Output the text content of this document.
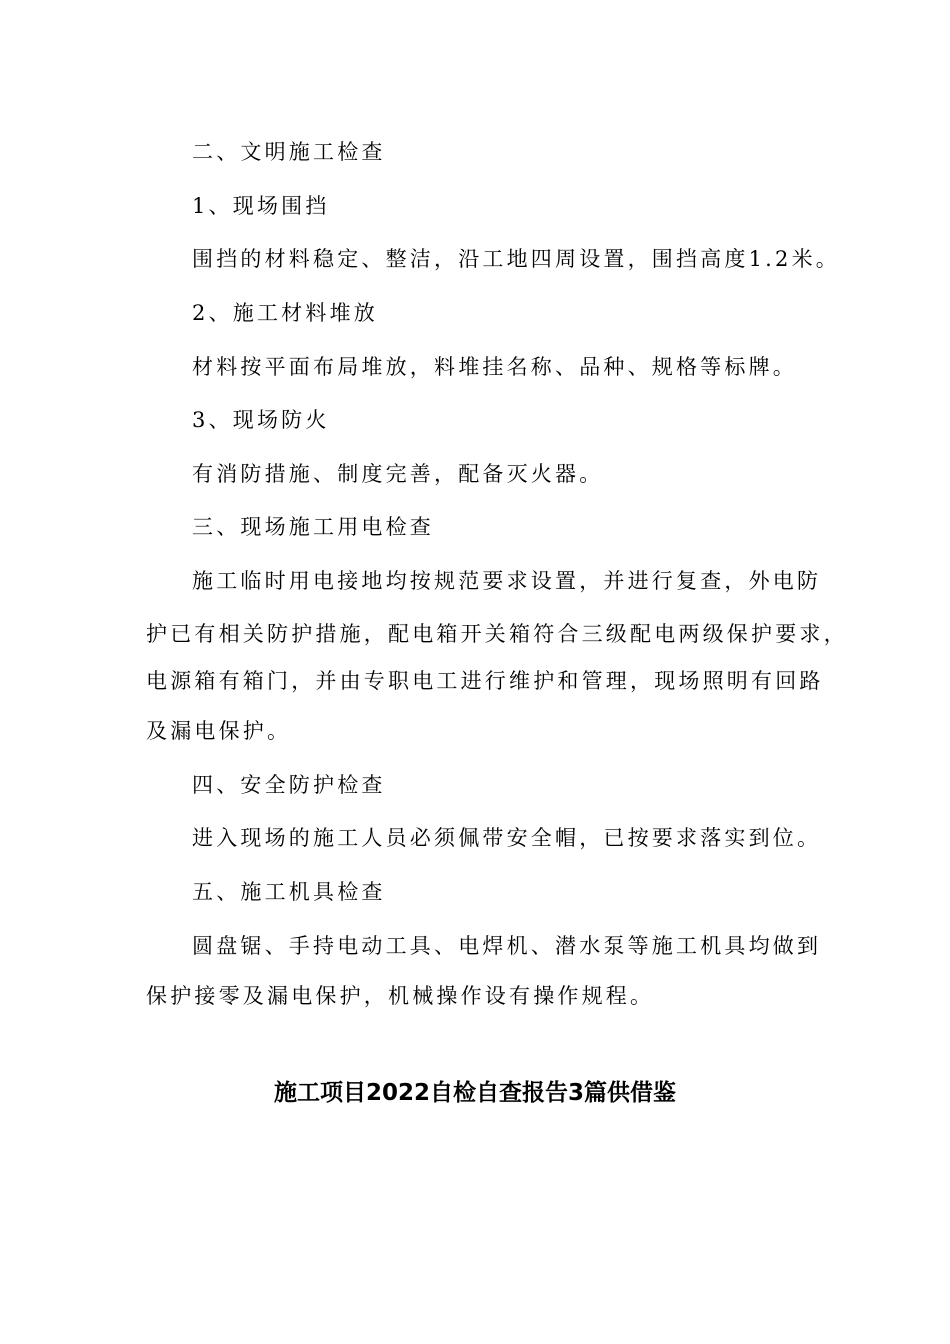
二、文明施工检查
1、现场围挡
围挡的材料稳定、整洁，沿工地四周设置，围挡高度1.2米。
2、施工材料堆放
材料按平面布局堆放，料堆挂名称、品种、规格等标牌。
3、现场防火
有消防措施、制度完善，配备灭火器。
三、现场施工用电检查
施工临时用电接地均按规范要求设置，并进行复查，外电防
护已有相关防护措施，配电箱开关箱符合三级配电两级保护要求，
电源箱有箱门，并由专职电工进行维护和管理，现场照明有回路
及漏电保护。
四、安全防护检查
进入现场的施工人员必须佩带安全帽，已按要求落实到位。
五、施工机具检查
圆盘锯、手持电动工具、电焊机、潜水泵等施工机具均做到
保护接零及漏电保护，机械操作设有操作规程。
施工项目2022自检自查报告3篇供借鉴
